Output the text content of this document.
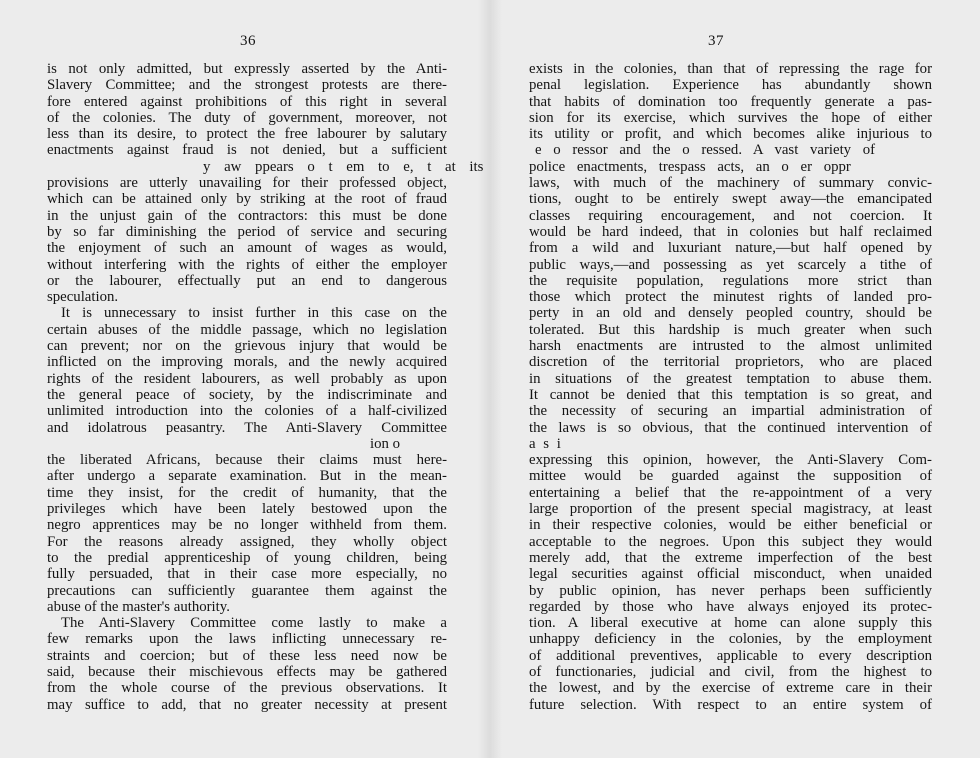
36
is not only admitted, but expressly asserted by the Anti-
Slavery Committee; and the strongest protests are there-
fore entered against prohibitions of this right in several
of the colonies. The duty of government, moreover, not
less than its desire, to protect the free labourer by salutary
enactments against fraud is not denied, but a sufficient
y aw ppears o t em to e, t at its
provisions are utterly unavailing for their professed object,
which can be attained only by striking at the root of fraud
in the unjust gain of the contractors: this must be done
by so far diminishing the period of service and securing
the enjoyment of such an amount of wages as would,
without interfering with the rights of either the employer
or the labourer, effectually put an end to dangerous
speculation.
It is unnecessary to insist further in this case on the
certain abuses of the middle passage, which no legislation
can prevent; nor on the grievous injury that would be
inflicted on the improving morals, and the newly acquired
rights of the resident labourers, as well probably as upon
the general peace of society, by the indiscriminate and
unlimited introduction into the colonies of a half-civilized
and idolatrous peasantry. The Anti-Slavery Committee
ion o
the liberated Africans, because their claims must here-
after undergo a separate examination. But in the mean-
time they insist, for the credit of humanity, that the
privileges which have been lately bestowed upon the
negro apprentices may be no longer withheld from them.
For the reasons already assigned, they wholly object
to the predial apprenticeship of young children, being
fully persuaded, that in their case more especially, no
precautions can sufficiently guarantee them against the
abuse of the master's authority.
The Anti-Slavery Committee come lastly to make a
few remarks upon the laws inflicting unnecessary re-
straints and coercion; but of these less need now be
said, because their mischievous effects may be gathered
from the whole course of the previous observations. It
may suffice to add, that no greater necessity at present
37
exists in the colonies, than that of repressing the rage for
penal legislation. Experience has abundantly shown
that habits of domination too frequently generate a pas-
sion for its exercise, which survives the hope of either
its utility or profit, and which becomes alike injurious to
e o ressor and the o ressed. A vast variety of
police enactments, trespass acts, an o er oppr
laws, with much of the machinery of summary convic-
tions, ought to be entirely swept away—the emancipated
classes requiring encouragement, and not coercion. It
would be hard indeed, that in colonies but half reclaimed
from a wild and luxuriant nature,—but half opened by
public ways,—and possessing as yet scarcely a tithe of
the requisite population, regulations more strict than
those which protect the minutest rights of landed pro-
perty in an old and densely peopled country, should be
tolerated. But this hardship is much greater when such
harsh enactments are intrusted to the almost unlimited
discretion of the territorial proprietors, who are placed
in situations of the greatest temptation to abuse them.
It cannot be denied that this temptation is so great, and
the necessity of securing an impartial administration of
the laws is so obvious, that the continued intervention of
a s i
expressing this opinion, however, the Anti-Slavery Com-
mittee would be guarded against the supposition of
entertaining a belief that the re-appointment of a very
large proportion of the present special magistracy, at least
in their respective colonies, would be either beneficial or
acceptable to the negroes. Upon this subject they would
merely add, that the extreme imperfection of the best
legal securities against official misconduct, when unaided
by public opinion, has never perhaps been sufficiently
regarded by those who have always enjoyed its protec-
tion. A liberal executive at home can alone supply this
unhappy deficiency in the colonies, by the employment
of additional preventives, applicable to every description
of functionaries, judicial and civil, from the highest to
the lowest, and by the exercise of extreme care in their
future selection. With respect to an entire system of
